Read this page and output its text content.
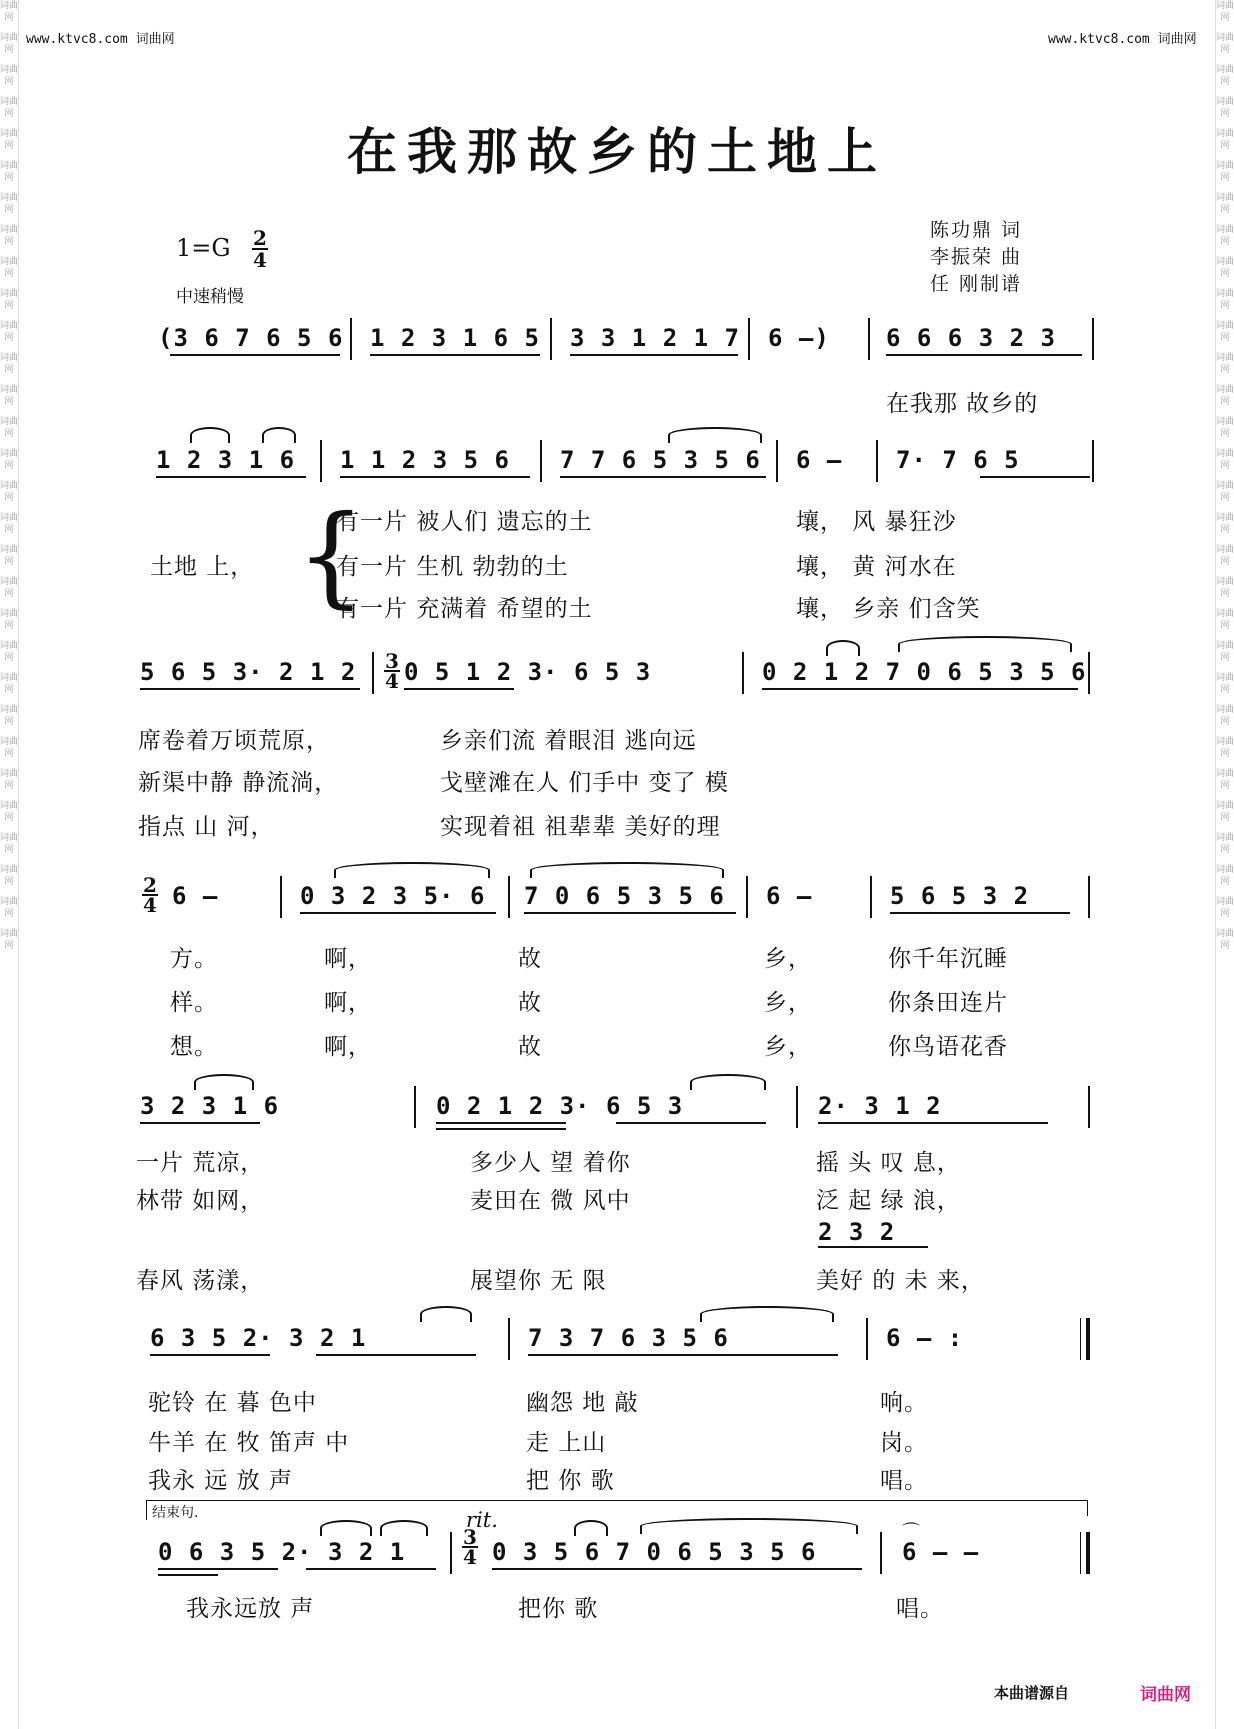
词曲网
词曲网
词曲网
词曲网
词曲网
词曲网
词曲网
词曲网
词曲网
词曲网
词曲网
词曲网
词曲网
词曲网
词曲网
词曲网
词曲网
词曲网
词曲网
词曲网
词曲网
词曲网
词曲网
词曲网
词曲网
词曲网
词曲网
词曲网
词曲网
词曲网
词曲网
词曲网
词曲网
词曲网
词曲网
词曲网
词曲网
词曲网
词曲网
词曲网
词曲网
词曲网
词曲网
词曲网
词曲网
词曲网
词曲网
词曲网
词曲网
词曲网
词曲网
词曲网
词曲网
词曲网
词曲网
词曲网
词曲网
词曲网
词曲网
词曲网
www.ktvc8.com 词曲网	www.ktvc8.com 词曲网
在我那故乡的土地上
1=G 2
4
中速稍慢
陈功鼎 词
李振荣 曲
任 刚制谱
(3 6 7 6 5 6 1 2 3 1 6 5 3 3 1 2 1 7 6 –) 6 6 6 3 2 3
在我那 故乡的
1 2 3 1 6 1 1 2 3 5 6 7 7 6 5 3 5 6 6 – 7· 7 6 5
土地 上， {
有一片 被人们 遗忘的土	壤， 风 暴狂沙
有一片 生机 勃勃的土	壤， 黄 河水在
有一片 充满着 希望的土	壤， 乡亲 们含笑
5 6 5 3· 2 1 2 3
4 0 5 1 2 3· 6 5 3	0 2 1 2 7 0 6 5 3 5 6
席卷着万顷荒原，	乡亲们流 着眼泪 逃向远
新渠中静 静流淌，	戈壁滩在人 们手中 变了 模
指点 山 河，	实现着祖 祖辈辈 美好的理
2
4 6 –	0 3 2 3 5· 6 7 0 6 5 3 5 6 6 –	5 6 5 3 2
方。	啊，	故	乡，	你千年沉睡
样。	啊，	故	乡，	你条田连片
想。	啊，	故	乡，	你鸟语花香
3 2 3 1 6	0 2 1 2 3· 6 5 3	2· 3 1 2
一片 荒凉，	多少人 望 着你	摇 头 叹 息，
林带 如网，	麦田在 微 风中	泛 起 绿 浪，
2 3 2
春风 荡漾，	展望你 无 限	美好 的 未 来，
6 3 5 2· 3 2 1	7 3 7 6 3 5 6	6 – :
驼铃 在 暮 色中	幽怨 地 敲	响。
牛羊 在 牧 笛声 中	走 上山	岗。
我永 远 放 声	把 你 歌	唱。
结束句.	rit.
0 6 3 5 2· 3 2 1
3
4 0 3 5 6 7 0 6 5 3 5 6
⌒
6 – –
我永远放 声	把你 歌	唱。
本曲谱源自	词曲网
